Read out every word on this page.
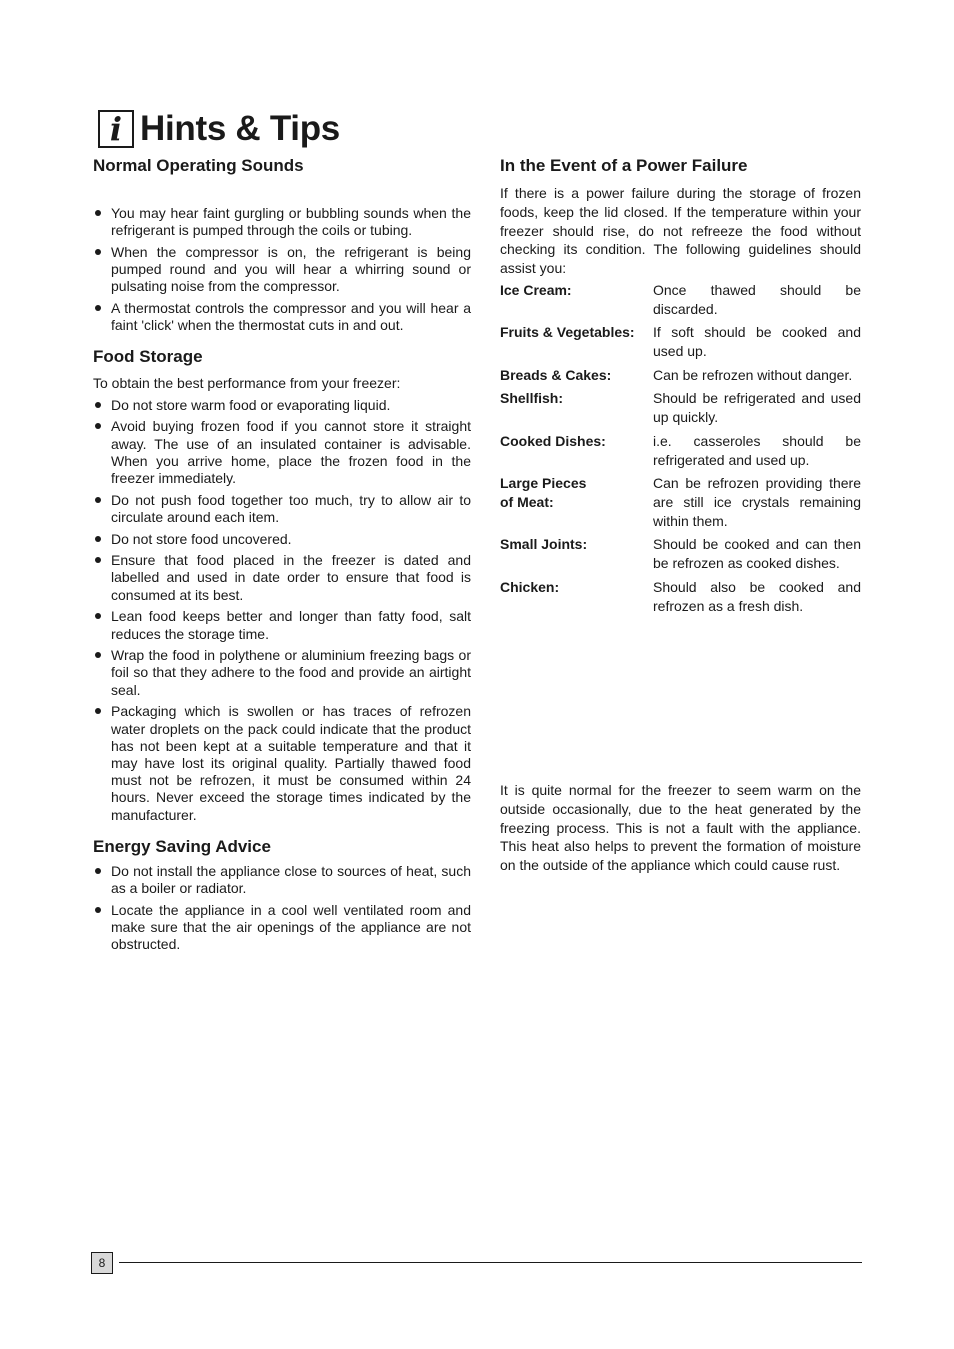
i Hints & Tips
Normal Operating Sounds
You may hear faint gurgling or bubbling sounds when the refrigerant is pumped through the coils or tubing.
When the compressor is on, the refrigerant is being pumped round and you will hear a whirring sound or pulsating noise from the compressor.
A thermostat controls the compressor and you will hear a faint 'click' when the thermostat cuts in and out.
Food Storage

To obtain the best performance from your freezer:

Do not store warm food or evaporating liquid.
Avoid buying frozen food if you cannot store it straight away. The use of an insulated container is advisable. When you arrive home, place the frozen food in the freezer immediately.
Do not push food together too much, try to allow air to circulate around each item.
Do not store food uncovered.
Ensure that food placed in the freezer is dated and labelled and used in date order to ensure that food is consumed at its best.
Lean food keeps better and longer than fatty food, salt reduces the storage time.
Wrap the food in polythene or aluminium freezing bags or foil so that they adhere to the food and provide an airtight seal.
Packaging which is swollen or has traces of refrozen water droplets on the pack could indicate that the product has not been kept at a suitable temperature and that it may have lost its original quality. Partially thawed food must not be refrozen, it must be consumed within 24 hours. Never exceed the storage times indicated by the manufacturer.
Energy Saving Advice
Do not install the appliance close to sources of heat, such as a boiler or radiator.
Locate the appliance in a cool well ventilated room and make sure that the air openings of the appliance are not obstructed.
In the Event of a Power Failure

If there is a power failure during the storage of frozen foods, keep the lid closed. If the temperature within your freezer should rise, do not refreeze the food without checking its condition. The following guidelines should assist you:

Ice Cream:	Once thawed should be discarded.
Fruits & Vegetables:	If soft should be cooked and used up.
Breads & Cakes:	Can be refrozen without danger.
Shellfish:	Should be refrigerated and used up quickly.
Cooked Dishes:	i.e. casseroles should be refrigerated and used up.
Large Pieces
of Meat:	Can be refrozen providing there are still ice crystals remaining within them.
Small Joints:	Should be cooked and can then be refrozen as cooked dishes.
Chicken:	Should also be cooked and refrozen as a fresh dish.

It is quite normal for the freezer to seem warm on the outside occasionally, due to the heat generated by the freezing process. This is not a fault with the appliance. This heat also helps to prevent the formation of moisture on the outside of the appliance which could cause rust.

8
